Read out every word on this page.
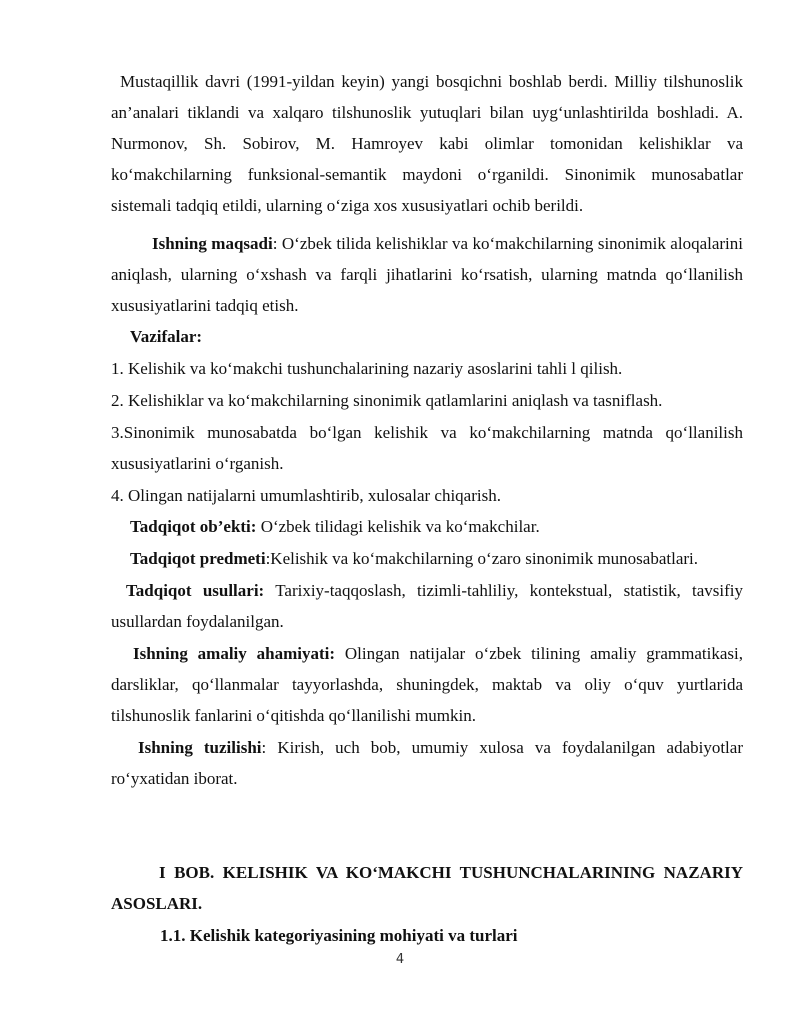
Mustaqillik davri (1991-yildan keyin) yangi bosqichni boshlab berdi. Milliy tilshunoslik an’analari tiklandi va xalqaro tilshunoslik yutuqlari bilan uyg‘unlashtirilda boshladi. A. Nurmonov, Sh. Sobirov, M. Hamroyev kabi olimlar tomonidan kelishiklar va ko‘makchilarning funksional-semantik maydoni o‘rganildi. Sinonimik munosabatlar sistemali tadqiq etildi, ularning o‘ziga xos xususiyatlari ochib berildi.

Ishning maqsadi: O‘zbek tilida kelishiklar va ko‘makchilarning sinonimik aloqalarini aniqlash, ularning o‘xshash va farqli jihatlarini ko‘rsatish, ularning matnda qo‘llanilish xususiyatlarini tadqiq etish.

Vazifalar:

1. Kelishik va ko‘makchi tushunchalarining nazariy asoslarini tahli l qilish.

2. Kelishiklar va ko‘makchilarning sinonimik qatlamlarini aniqlash va tasniflash.

3.Sinonimik munosabatda bo‘lgan kelishik va ko‘makchilarning matnda qo‘llanilish xususiyatlarini o‘rganish.

4. Olingan natijalarni umumlashtirib, xulosalar chiqarish.

Tadqiqot ob’ekti: O‘zbek tilidagi kelishik va ko‘makchilar.

Tadqiqot predmeti:Kelishik va ko‘makchilarning o‘zaro sinonimik munosabatlari.

Tadqiqot usullari: Tarixiy-taqqoslash, tizimli-tahliliy, kontekstual, statistik, tavsifiy usullardan foydalanilgan.

Ishning amaliy ahamiyati: Olingan natijalar o‘zbek tilining amaliy grammatikasi, darsliklar, qo‘llanmalar tayyorlashda, shuningdek, maktab va oliy o‘quv yurtlarida tilshunoslik fanlarini o‘qitishda qo‘llanilishi mumkin.

Ishning tuzilishi: Kirish, uch bob, umumiy xulosa va foydalanilgan adabiyotlar ro‘yxatidan iborat.

I BOB. KELISHIK VA KO‘MAKCHI TUSHUNCHALARINING NAZARIY ASOSLARI.

1.1. Kelishik kategoriyasining mohiyati va turlari

4
